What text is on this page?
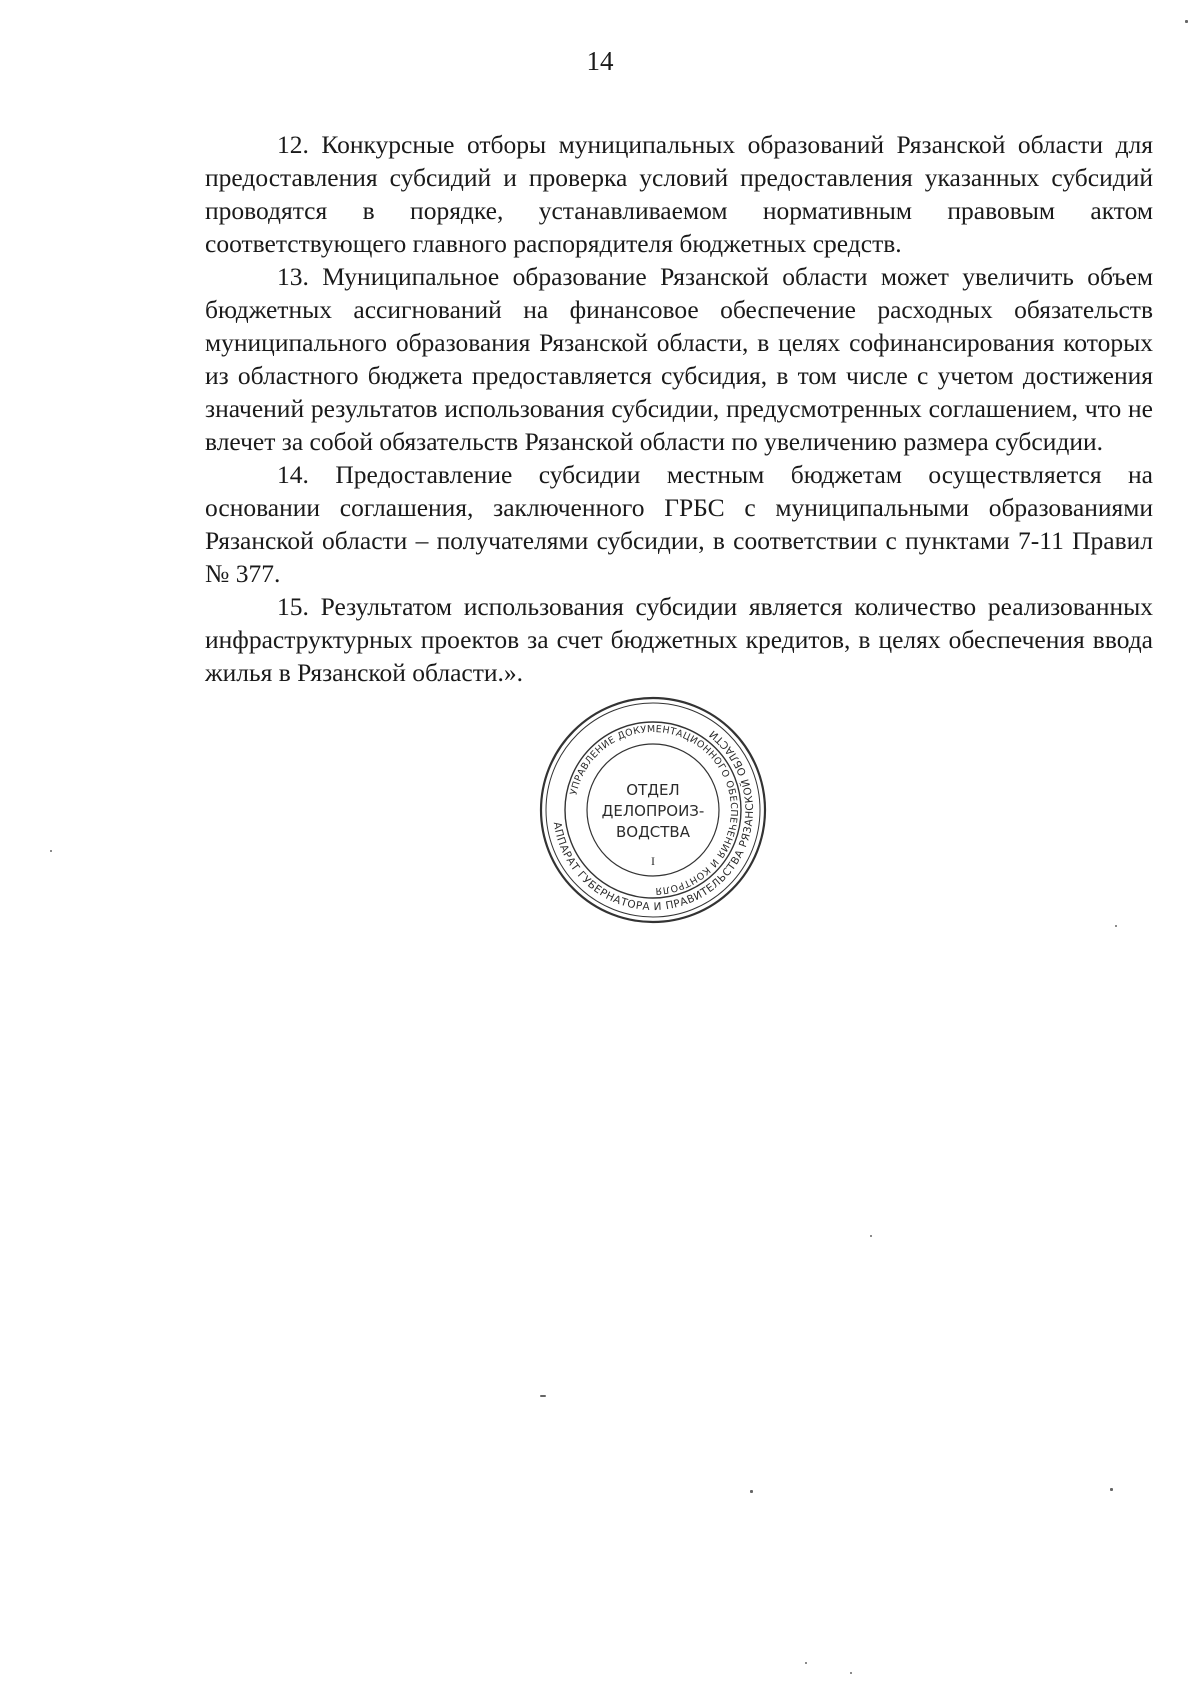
14

12. Конкурсные отборы муниципальных образований Рязанской области для предоставления субсидий и проверка условий предоставления указанных субсидий проводятся в порядке, устанавливаемом нормативным правовым актом соответствующего главного распорядителя бюджетных средств.

13. Муниципальное образование Рязанской области может увеличить объем бюджетных ассигнований на финансовое обеспечение расходных обязательств муниципального образования Рязанской области, в целях софинансирования которых из областного бюджета предоставляется субсидия, в том числе с учетом достижения значений результатов использования субсидии, предусмотренных соглашением, что не влечет за собой обязательств Рязанской области по увеличению размера субсидии.

14. Предоставление субсидии местным бюджетам осуществляется на основании соглашения, заключенного ГРБС с муниципальными образованиями Рязанской области – получателями субсидии, в соответствии с пунктами 7-11 Правил № 377.

15. Результатом использования субсидии является количество реализованных инфраструктурных проектов за счет бюджетных кредитов, в целях обеспечения ввода жилья в Рязанской области.».

АППАРАТ ГУБЕРНАТОРА И ПРАВИТЕЛЬСТВА РЯЗАНСКОЙ ОБЛАСТИ
УПРАВЛЕНИЕ ДОКУМЕНТАЦИОННОГО ОБЕСПЕЧЕНИЯ И КОНТРОЛЯ
ОТДЕЛ
ДЕЛОПРОИЗ-
ВОДСТВА
I
